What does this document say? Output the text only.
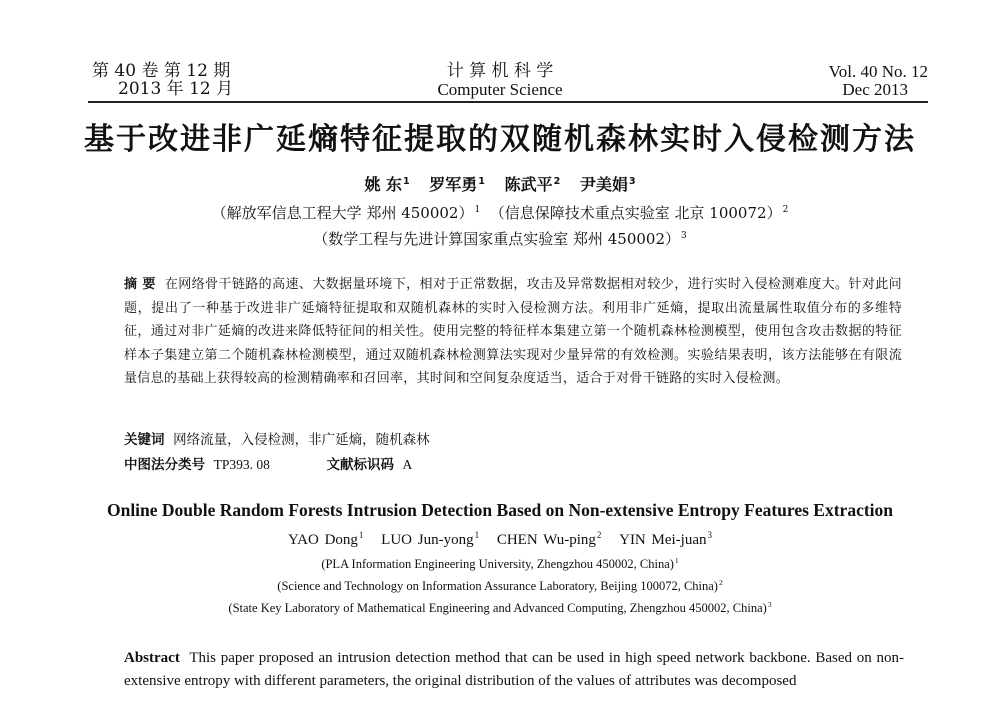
第 40 卷 第 12 期
2013 年 12 月
计 算 机 科 学
Computer Science
Vol. 40 No. 12
Dec 2013
基于改进非广延熵特征提取的双随机森林实时入侵检测方法
姚 东$^1$ 罗军勇$^1$ 陈武平$^2$ 尹美娟$^3$
（解放军信息工程大学 郑州 450002）$^1$ （信息保障技术重点实验室 北京 100072）$^2$
（数学工程与先进计算国家重点实验室 郑州 450002）$^3$
摘 要 在网络骨干链路的高速、大数据量环境下，相对于正常数据，攻击及异常数据相对较少，进行实时入侵检测难度大。针对此问题，提出了一种基于改进非广延熵特征提取和双随机森林的实时入侵检测方法。利用非广延熵，提取出流量属性取值分布的多维特征，通过对非广延熵的改进来降低特征间的相关性。使用完整的特征样本集建立第一个随机森林检测模型，使用包含攻击数据的特征样本子集建立第二个随机森林检测模型，通过双随机森林检测算法实现对少量异常的有效检测。实验结果表明，该方法能够在有限流量信息的基础上获得较高的检测精确率和召回率，其时间和空间复杂度适当，适合于对骨干链路的实时入侵检测。
关键词 网络流量，入侵检测，非广延熵，随机森林
中图法分类号 TP393. 08	文献标识码 A
Online Double Random Forests Intrusion Detection Based on Non-extensive Entropy Features Extraction
YAO Dong$^1$ LUO Jun-yong$^1$ CHEN Wu-ping$^2$ YIN Mei-juan$^3$
(PLA Information Engineering University, Zhengzhou 450002, China)$^1$
(Science and Technology on Information Assurance Laboratory, Beijing 100072, China)$^2$
(State Key Laboratory of Mathematical Engineering and Advanced Computing, Zhengzhou 450002, China)$^3$
Abstract This paper proposed an intrusion detection method that can be used in high speed network backbone. Based on non-extensive entropy with different parameters, the original distribution of the values of attributes was decomposed
